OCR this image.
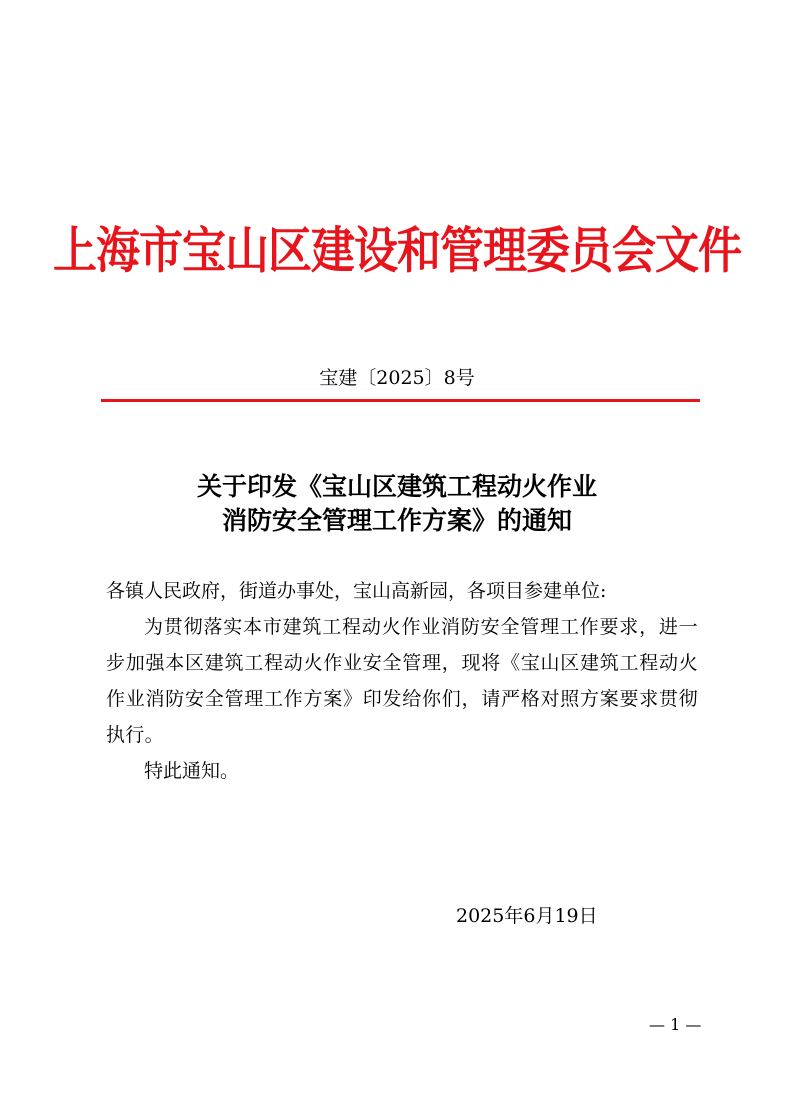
上海市宝山区建设和管理委员会文件
宝建〔2025〕8号
关于印发《宝山区建筑工程动火作业
消防安全管理工作方案》的通知

各镇人民政府，街道办事处，宝山高新园，各项目参建单位:

为贯彻落实本市建筑工程动火作业消防安全管理工作要求，进一步加强本区建筑工程动火作业安全管理，现将《宝山区建筑工程动火作业消防安全管理工作方案》印发给你们，请严格对照方案要求贯彻执行。

特此通知。

2025年6月19日
— 1 —
